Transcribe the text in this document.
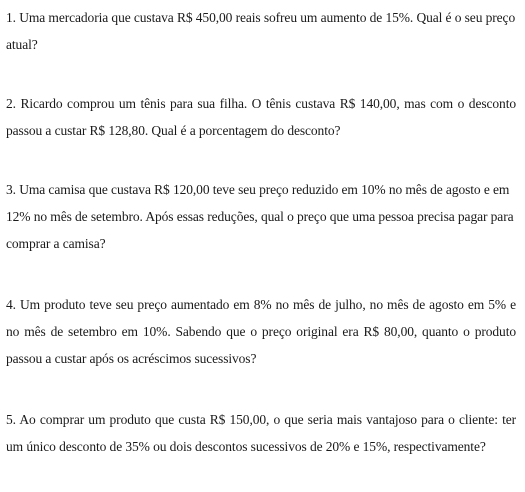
1. Uma mercadoria que custava R$ 450,00 reais sofreu um aumento de 15%. Qual é o seu preço atual?

2. Ricardo comprou um tênis para sua filha. O tênis custava R$ 140,00, mas com o desconto passou a custar R$ 128,80. Qual é a porcentagem do desconto?

3. Uma camisa que custava R$ 120,00 teve seu preço reduzido em 10% no mês de agosto e em 12% no mês de setembro. Após essas reduções, qual o preço que uma pessoa precisa pagar para comprar a camisa?

4. Um produto teve seu preço aumentado em 8% no mês de julho, no mês de agosto em 5% e no mês de setembro em 10%. Sabendo que o preço original era R$ 80,00, quanto o produto passou a custar após os acréscimos sucessivos?

5. Ao comprar um produto que custa R$ 150,00, o que seria mais vantajoso para o cliente: ter um único desconto de 35% ou dois descontos sucessivos de 20% e 15%, respectivamente?
